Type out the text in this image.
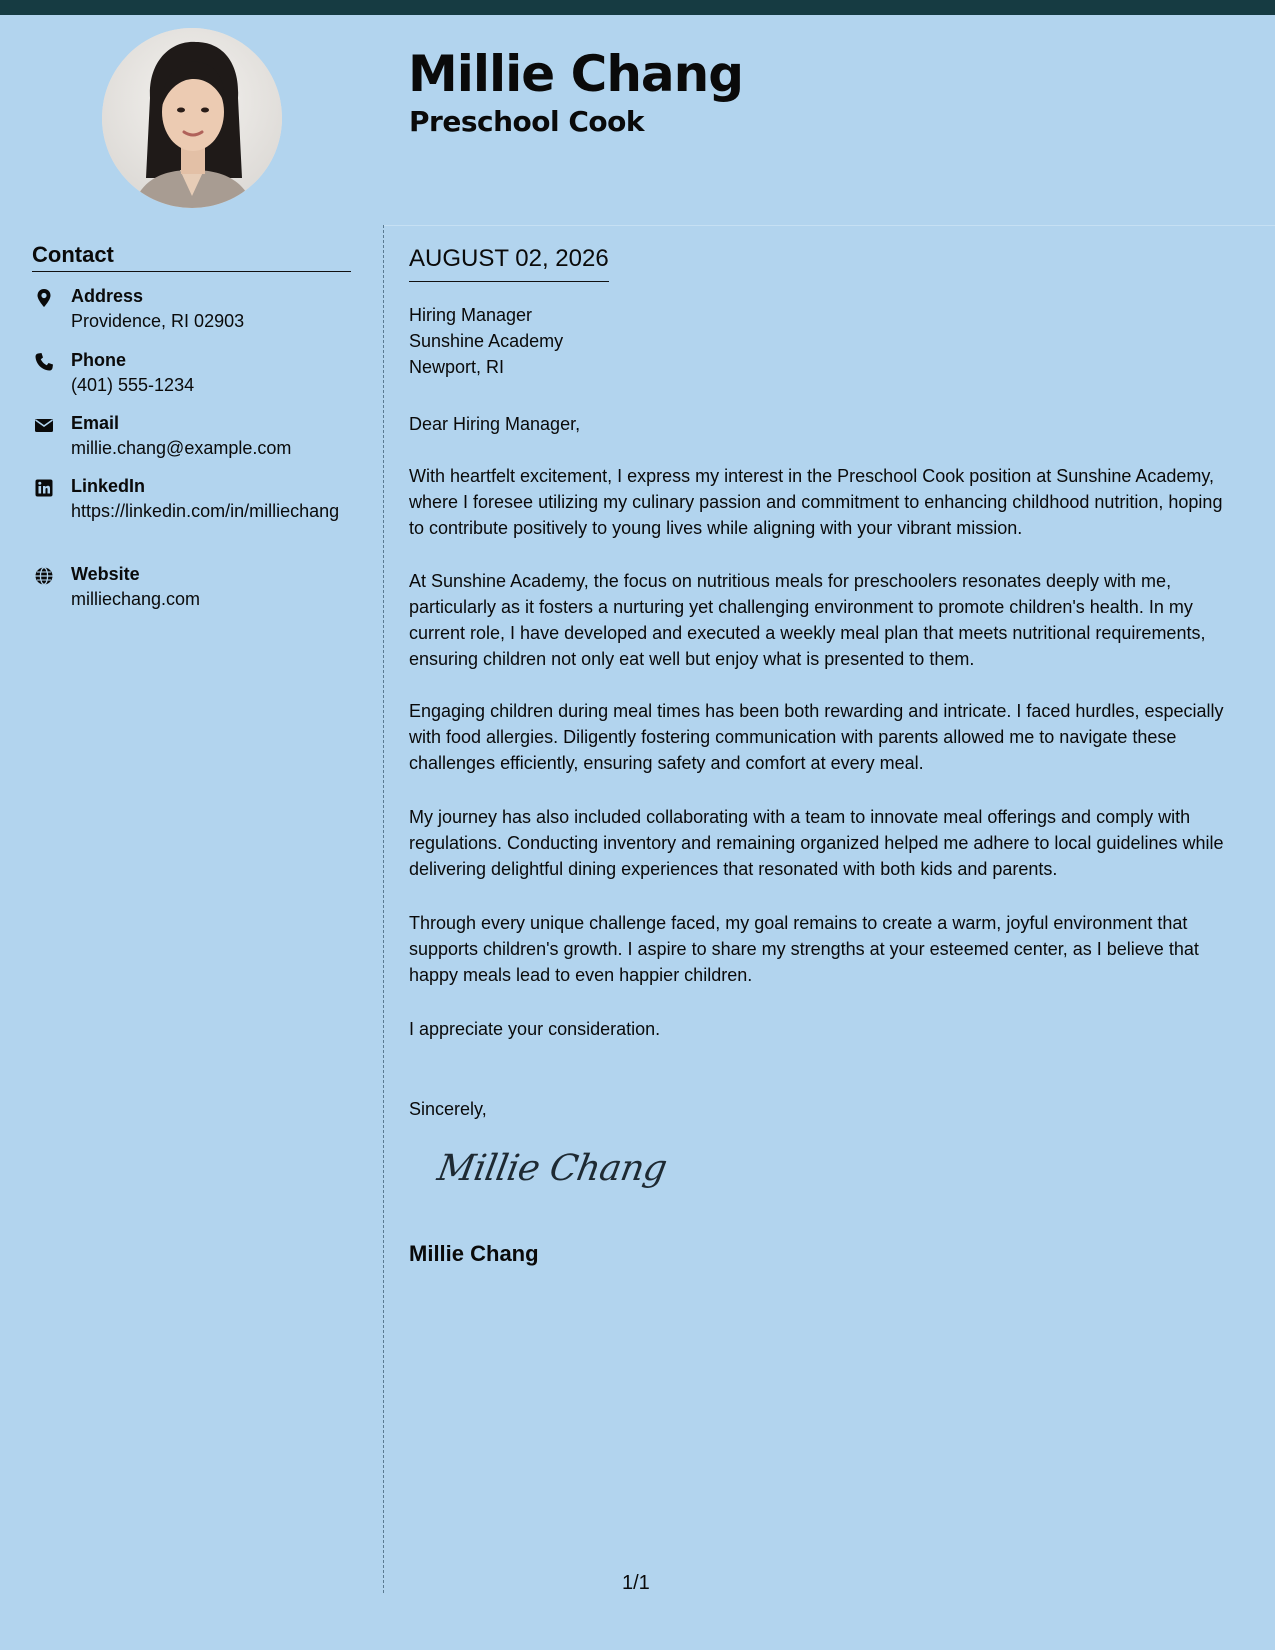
Millie Chang
Preschool Cook
Contact
Address
Providence, RI 02903
Phone
(401) 555-1234
Email
millie.chang@example.com
LinkedIn
https://linkedin.com/in/milliechang
Website
milliechang.com
AUGUST 02, 2026
Hiring Manager
Sunshine Academy
Newport, RI

Dear Hiring Manager,

With heartfelt excitement, I express my interest in the Preschool Cook position at Sunshine Academy, where I foresee utilizing my culinary passion and commitment to enhancing childhood nutrition, hoping to contribute positively to young lives while aligning with your vibrant mission.

At Sunshine Academy, the focus on nutritious meals for preschoolers resonates deeply with me, particularly as it fosters a nurturing yet challenging environment to promote children's health. In my current role, I have developed and executed a weekly meal plan that meets nutritional requirements, ensuring children not only eat well but enjoy what is presented to them.

Engaging children during meal times has been both rewarding and intricate. I faced hurdles, especially with food allergies. Diligently fostering communication with parents allowed me to navigate these challenges efficiently, ensuring safety and comfort at every meal.

My journey has also included collaborating with a team to innovate meal offerings and comply with regulations. Conducting inventory and remaining organized helped me adhere to local guidelines while delivering delightful dining experiences that resonated with both kids and parents.

Through every unique challenge faced, my goal remains to create a warm, joyful environment that supports children's growth. I aspire to share my strengths at your esteemed center, as I believe that happy meals lead to even happier children.

I appreciate your consideration.

Sincerely,

Millie Chang
Millie Chang
1/1
